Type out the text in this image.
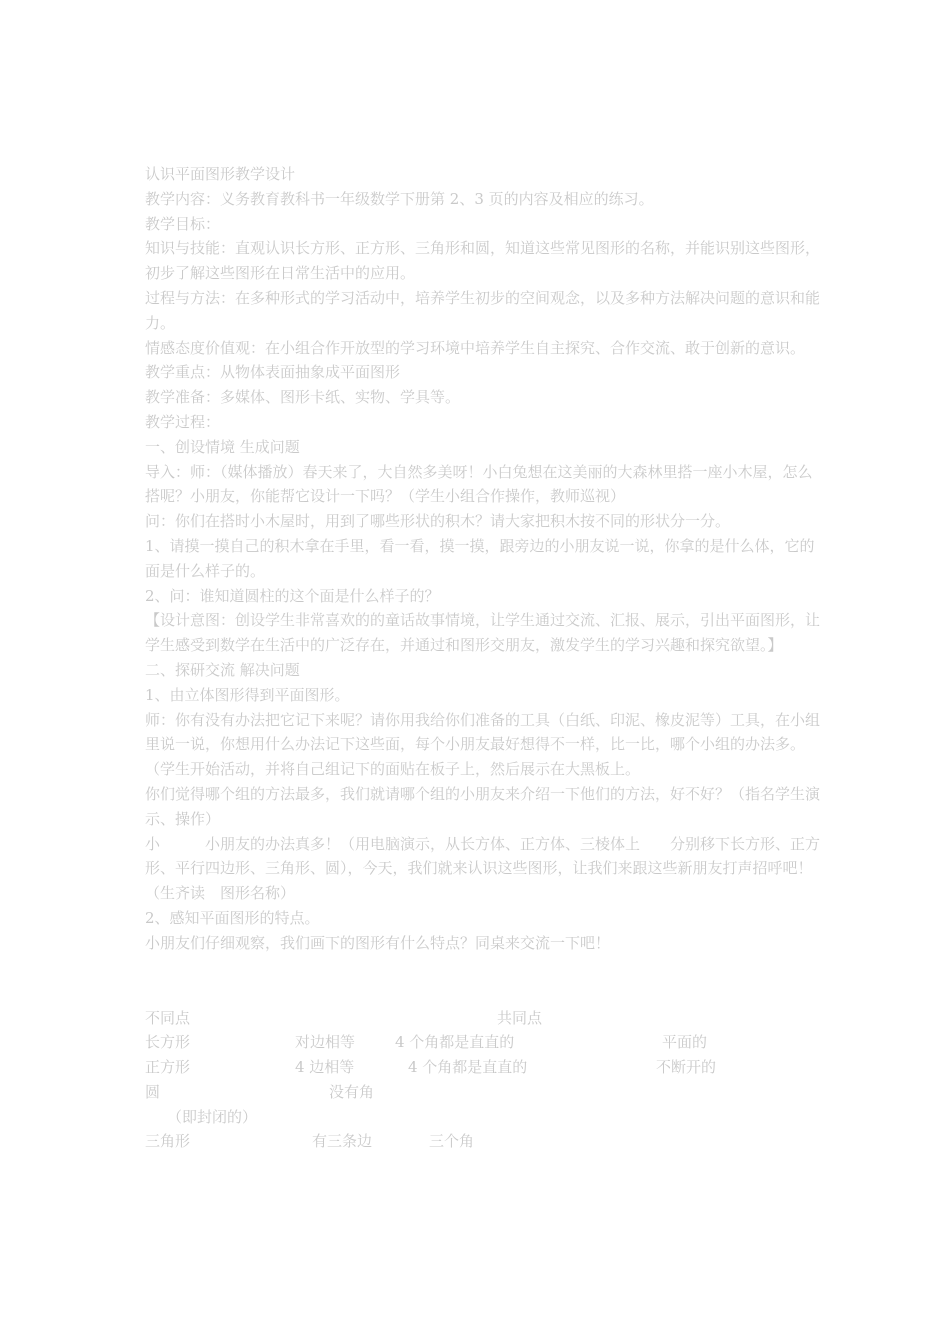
认识平面图形教学设计

教学内容：义务教育教科书一年级数学下册第 2、3 页的内容及相应的练习。

教学目标：

知识与技能：直观认识长方形、正方形、三角形和圆，知道这些常见图形的名称，并能识别这些图形，初步了解这些图形在日常生活中的应用。

过程与方法：在多种形式的学习活动中，培养学生初步的空间观念，以及多种方法解决问题的意识和能力。

情感态度价值观：在小组合作开放型的学习环境中培养学生自主探究、合作交流、敢于创新的意识。

教学重点：从物体表面抽象成平面图形

教学准备：多媒体、图形卡纸、实物、学具等。

教学过程：

一、创设情境 生成问题

导入：师：（媒体播放）春天来了，大自然多美呀！小白兔想在这美丽的大森林里搭一座小木屋，怎么搭呢？小朋友，你能帮它设计一下吗？（学生小组合作操作，教师巡视）

问：你们在搭时小木屋时，用到了哪些形状的积木？请大家把积木按不同的形状分一分。

1、请摸一摸自己的积木拿在手里，看一看，摸一摸，跟旁边的小朋友说一说，你拿的是什么体，它的面是什么样子的。

2、问：谁知道圆柱的这个面是什么样子的？

【设计意图：创设学生非常喜欢的的童话故事情境，让学生通过交流、汇报、展示，引出平面图形，让学生感受到数学在生活中的广泛存在，并通过和图形交朋友，激发学生的学习兴趣和探究欲望。】

二、探研交流 解决问题

1、由立体图形得到平面图形。

师：你有没有办法把它记下来呢？请你用我给你们准备的工具（白纸、印泥、橡皮泥等）工具，在小组里说一说，你想用什么办法记下这些面，每个小朋友最好想得不一样，比一比，哪个小组的办法多。（学生开始活动，并将自己组记下的面贴在板子上，然后展示在大黑板上。

你们觉得哪个组的方法最多，我们就请哪个组的小朋友来介绍一下他们的方法，好不好？（指名学生演示、操作）

小　　　小朋友的办法真多！（用电脑演示，从长方体、正方体、三棱体上　　分别移下长方形、正方形、平行四边形、三角形、圆），今天，我们就来认识这些图形，让我们来跟这些新朋友打声招呼吧！（生齐读　图形名称）

2、感知平面图形的特点。

小朋友们仔细观察，我们画下的图形有什么特点？同桌来交流一下吧！

不同点	共同点
长方形	对边相等	4 个角都是直直的	平面的
正方形	4 边相等	4 个角都是直直的	不断开的
圆	没有角
（即封闭的）
三角形	有三条边	三个角
